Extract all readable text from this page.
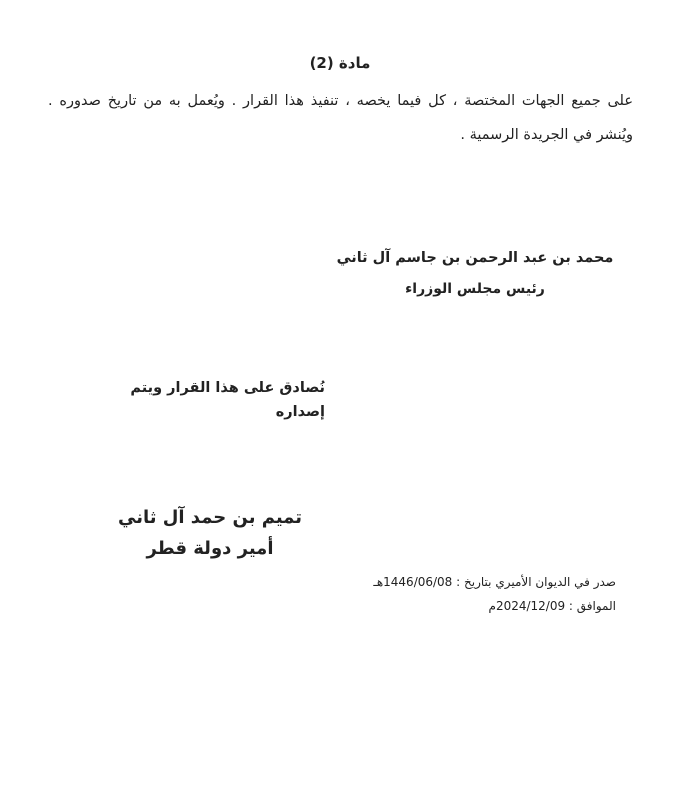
مادة (2)
على جميع الجهات المختصة ، كل فيما يخصه ، تنفيذ هذا القرار . ويُعمل به من تاريخ صدوره . ويُنشر في الجريدة الرسمية .
محمد بن عبد الرحمن بن جاسم آل ثاني
رئيس مجلس الوزراء
نُصادق على هذا القرار ويتم إصداره
تميم بن حمد آل ثاني
أمير دولة قطر
صدر في الديوان الأميري بتاريخ : 1446/06/08هـ
الموافق : 2024/12/09م
